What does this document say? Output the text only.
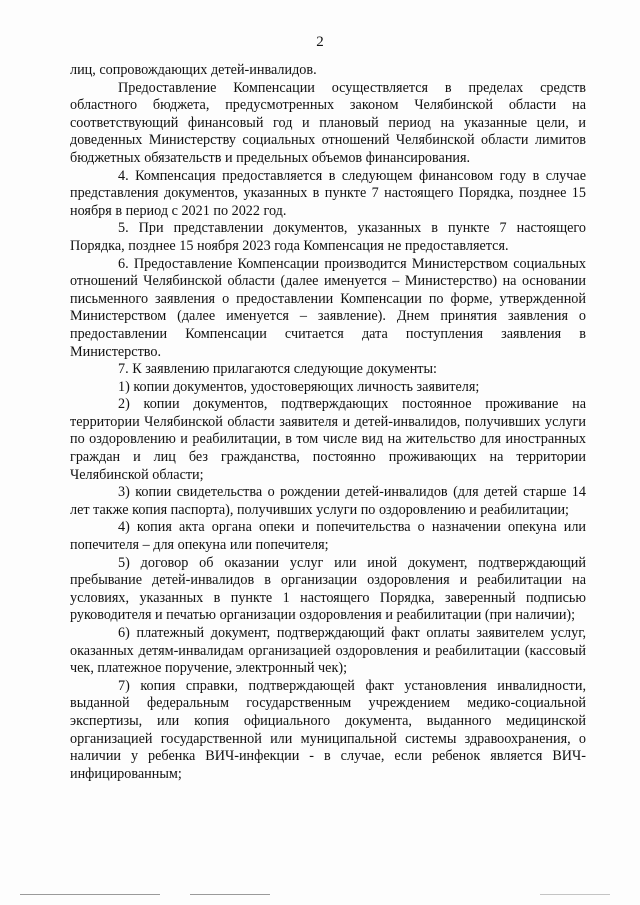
2

лиц, сопровождающих детей-инвалидов.

Предоставление Компенсации осуществляется в пределах средств областного бюджета, предусмотренных законом Челябинской области на соответствующий финансовый год и плановый период на указанные цели, и доведенных Министерству социальных отношений Челябинской области лимитов бюджетных обязательств и предельных объемов финансирования.

4. Компенсация предоставляется в следующем финансовом году в случае представления документов, указанных в пункте 7 настоящего Порядка, позднее 15 ноября в период с 2021 по 2022 год.

5. При представлении документов, указанных в пункте 7 настоящего Порядка, позднее 15 ноября 2023 года Компенсация не предоставляется.

6. Предоставление Компенсации производится Министерством социальных отношений Челябинской области (далее именуется – Министерство) на основании письменного заявления о предоставлении Компенсации по форме, утвержденной Министерством (далее именуется – заявление). Днем принятия заявления о предоставлении Компенсации считается дата поступления заявления в Министерство.

7. К заявлению прилагаются следующие документы:

1) копии документов, удостоверяющих личность заявителя;

2) копии документов, подтверждающих постоянное проживание на территории Челябинской области заявителя и детей-инвалидов, получивших услуги по оздоровлению и реабилитации, в том числе вид на жительство для иностранных граждан и лиц без гражданства, постоянно проживающих на территории Челябинской области;

3) копии свидетельства о рождении детей-инвалидов (для детей старше 14 лет также копия паспорта), получивших услуги по оздоровлению и реабилитации;

4) копия акта органа опеки и попечительства о назначении опекуна или попечителя – для опекуна или попечителя;

5) договор об оказании услуг или иной документ, подтверждающий пребывание детей-инвалидов в организации оздоровления и реабилитации на условиях, указанных в пункте 1 настоящего Порядка, заверенный подписью руководителя и печатью организации оздоровления и реабилитации (при наличии);

6) платежный документ, подтверждающий факт оплаты заявителем услуг, оказанных детям-инвалидам организацией оздоровления и реабилитации (кассовый чек, платежное поручение, электронный чек);

7) копия справки, подтверждающей факт установления инвалидности, выданной федеральным государственным учреждением медико-социальной экспертизы, или копия официального документа, выданного медицинской организацией государственной или муниципальной системы здравоохранения, о наличии у ребенка ВИЧ-инфекции - в случае, если ребенок является ВИЧ-инфицированным;
